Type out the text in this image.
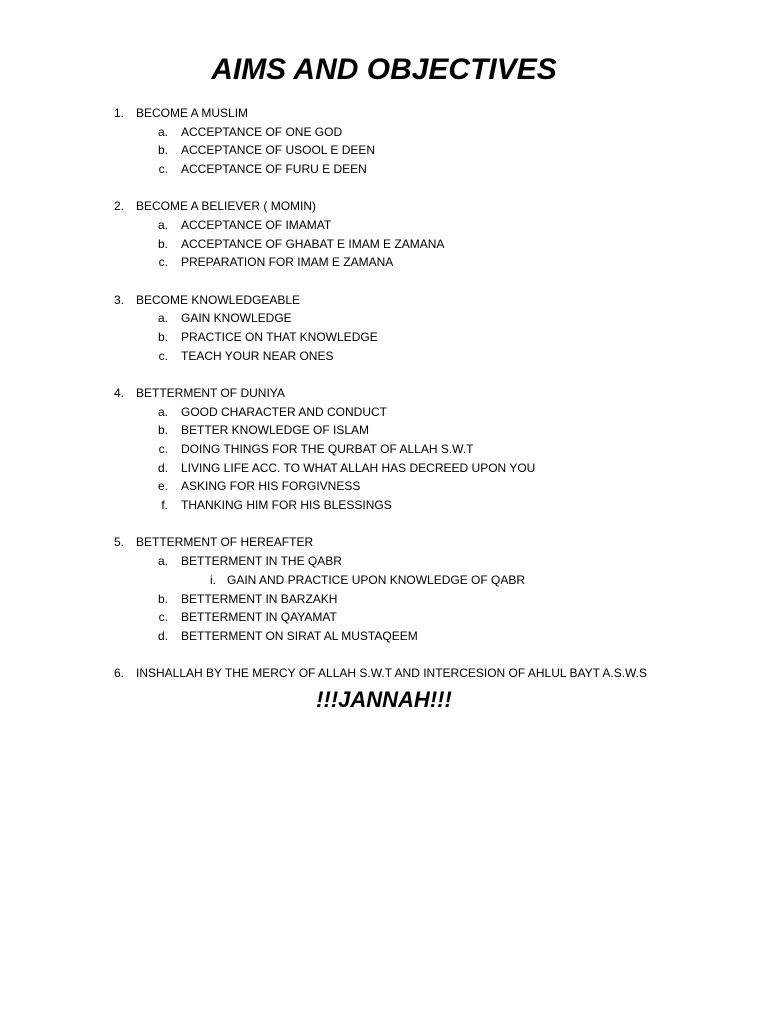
AIMS AND OBJECTIVES
1. BECOME A MUSLIM
a. ACCEPTANCE OF ONE GOD
b. ACCEPTANCE OF USOOL E DEEN
c. ACCEPTANCE OF FURU E DEEN
2. BECOME A BELIEVER ( MOMIN)
a. ACCEPTANCE OF IMAMAT
b. ACCEPTANCE OF GHABAT E IMAM E ZAMANA
c. PREPARATION FOR IMAM E ZAMANA
3. BECOME KNOWLEDGEABLE
a. GAIN KNOWLEDGE
b. PRACTICE ON THAT KNOWLEDGE
c. TEACH YOUR NEAR ONES
4. BETTERMENT OF DUNIYA
a. GOOD CHARACTER AND CONDUCT
b. BETTER KNOWLEDGE OF ISLAM
c. DOING THINGS FOR THE QURBAT OF ALLAH S.W.T
d. LIVING LIFE ACC. TO WHAT ALLAH HAS DECREED UPON YOU
e. ASKING FOR HIS FORGIVNESS
f. THANKING HIM FOR HIS BLESSINGS
5. BETTERMENT OF HEREAFTER
a. BETTERMENT IN THE QABR
i. GAIN AND PRACTICE UPON KNOWLEDGE OF QABR
b. BETTERMENT IN BARZAKH
c. BETTERMENT IN QAYAMAT
d. BETTERMENT ON SIRAT AL MUSTAQEEM
6. INSHALLAH BY THE MERCY OF ALLAH S.W.T AND INTERCESION OF AHLUL BAYT A.S.W.S
!!!JANNAH!!!
